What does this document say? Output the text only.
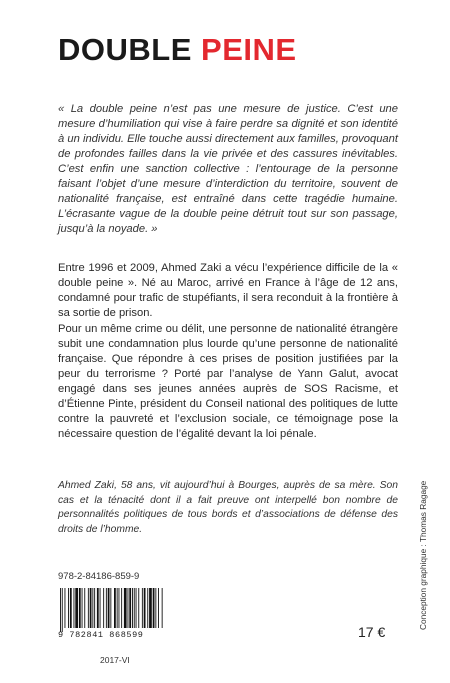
DOUBLE PEINE

« La double peine n’est pas une mesure de justice. C’est une mesure d’humiliation qui vise à faire perdre sa dignité et son identité à un individu. Elle touche aussi directement aux familles, provoquant de profondes failles dans la vie privée et des cassures inévitables. C’est enfin une sanction collective : l’entourage de la personne faisant l’objet d’une mesure d’interdiction du territoire, souvent de nationalité française, est entraîné dans cette tragédie humaine. L’écrasante vague de la double peine détruit tout sur son passage, jusqu’à la noyade. »

Entre 1996 et 2009, Ahmed Zaki a vécu l’expérience difficile de la « double peine ». Né au Maroc, arrivé en France à l’âge de 12 ans, condamné pour trafic de stupéfiants, il sera reconduit à la frontière à sa sortie de prison.

Pour un même crime ou délit, une personne de nationalité étrangère subit une condamnation plus lourde qu’une personne de nationalité française. Que répondre à ces prises de position justifiées par la peur du terrorisme ? Porté par l’analyse de Yann Galut, avocat engagé dans ses jeunes années auprès de SOS Racisme, et d’Étienne Pinte, président du Conseil national des politiques de lutte contre la pauvreté et l’exclusion sociale, ce témoignage pose la nécessaire question de l’égalité devant la loi pénale.

Ahmed Zaki, 58 ans, vit aujourd’hui à Bourges, auprès de sa mère. Son cas et la ténacité dont il a fait preuve ont interpellé bon nombre de personnalités politiques de tous bords et d’associations de défense des droits de l’homme.

978-2-84186-859-9

9 782841 868599

2017-VI

17 €

Conception graphique : Thomas Ragage
